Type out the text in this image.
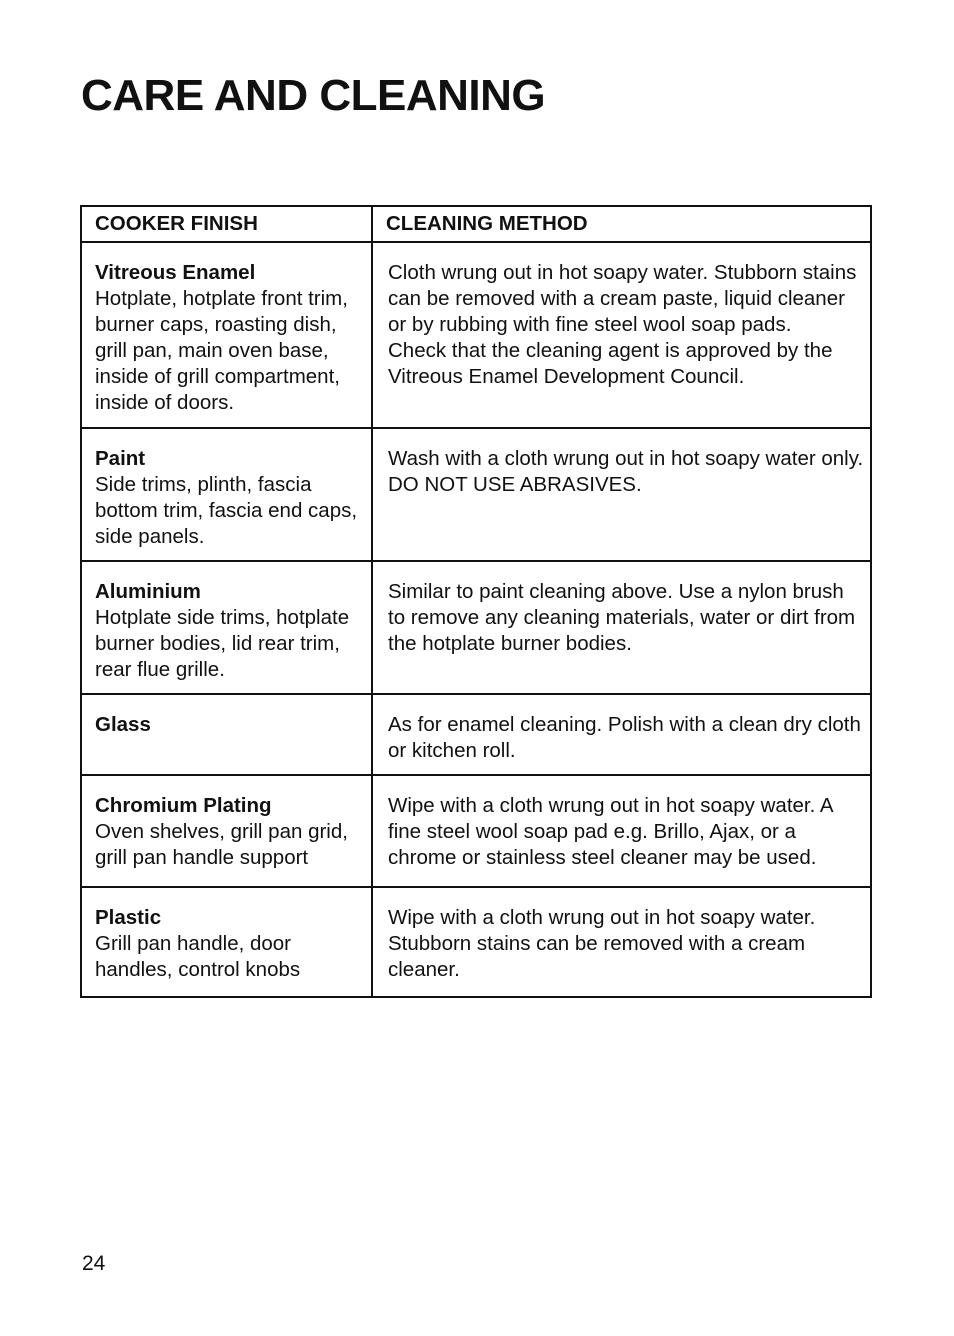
CARE AND CLEANING
COOKER FINISH	CLEANING METHOD

Vitreous Enamel
Hotplate, hotplate front trim, burner caps, roasting dish, grill pan, main oven base, inside of grill compartment, inside of doors.	Cloth wrung out in hot soapy water. Stubborn stains can be removed with a cream paste, liquid cleaner or by rubbing with fine steel wool soap pads.
Check that the cleaning agent is approved by the Vitreous Enamel Development Council.

Paint
Side trims, plinth, fascia bottom trim, fascia end caps, side panels.	Wash with a cloth wrung out in hot soapy water only.
DO NOT USE ABRASIVES.

Aluminium
Hotplate side trims, hotplate burner bodies, lid rear trim, rear flue grille.	Similar to paint cleaning above. Use a nylon brush to remove any cleaning materials, water or dirt from the hotplate burner bodies.

Glass	As for enamel cleaning. Polish with a clean dry cloth or kitchen roll.

Chromium Plating
Oven shelves, grill pan grid, grill pan handle support	Wipe with a cloth wrung out in hot soapy water. A fine steel wool soap pad e.g. Brillo, Ajax, or a chrome or stainless steel cleaner may be used.

Plastic
Grill pan handle, door handles, control knobs	Wipe with a cloth wrung out in hot soapy water. Stubborn stains can be removed with a cream cleaner.
24
